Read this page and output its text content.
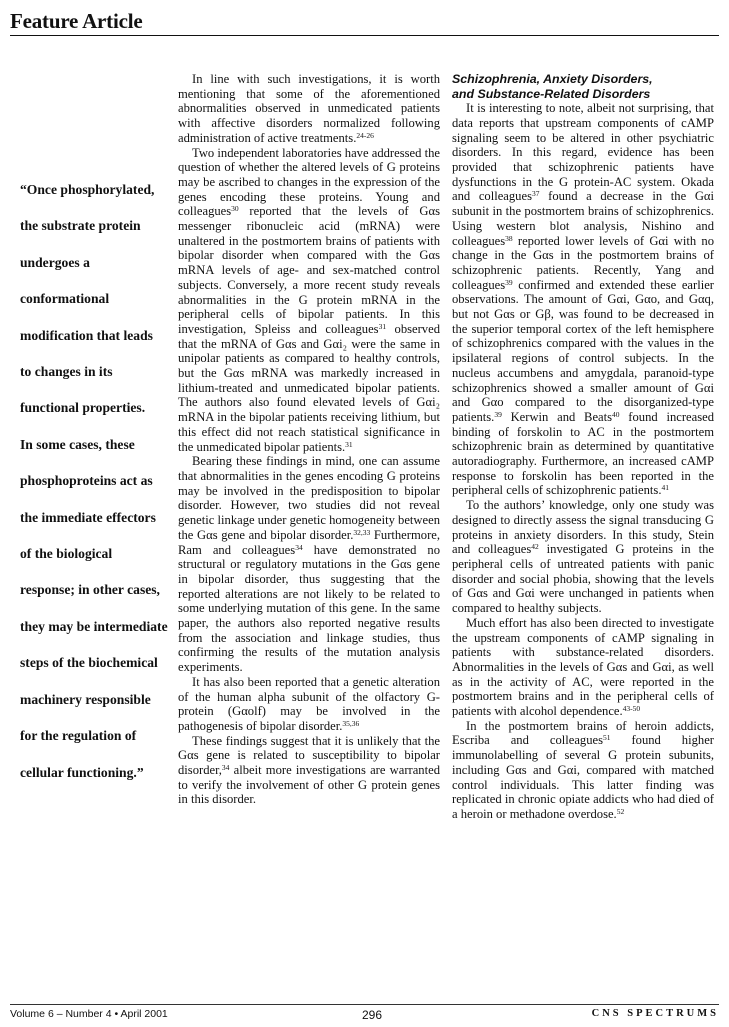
Feature Article
“Once phosphorylated,
the substrate protein
undergoes a
conformational
modification that leads
to changes in its
functional properties.
In some cases, these
phosphoproteins act as
the immediate effectors
of the biological
response; in other cases,
they may be intermediate
steps of the biochemical
machinery responsible
for the regulation of
cellular functioning.”

In line with such investigations, it is worth mentioning that some of the aforementioned abnormalities observed in unmedicated patients with affective disorders normalized following administration of active treatments.$^{24-26}$

Two independent laboratories have addressed the question of whether the altered levels of G proteins may be ascribed to changes in the expression of the genes encoding these proteins. Young and colleagues$^{30}$ reported that the levels of Gαs messenger ribonucleic acid (mRNA) were unaltered in the postmortem brains of patients with bipolar disorder when compared with the Gαs mRNA levels of age- and sex-matched control subjects. Conversely, a more recent study reveals abnormalities in the G protein mRNA in the peripheral cells of bipolar patients. In this investigation, Spleiss and colleagues$^{31}$ observed that the mRNA of Gαs and Gαi₂ were the same in unipolar patients as compared to healthy controls, but the Gαs mRNA was markedly increased in lithium-treated and unmedicated bipolar patients. The authors also found elevated levels of Gαi₂ mRNA in the bipolar patients receiving lithium, but this effect did not reach statistical significance in the unmedicated bipolar patients.$^{31}$

Bearing these findings in mind, one can assume that abnormalities in the genes encoding G proteins may be involved in the predisposition to bipolar disorder. However, two studies did not reveal genetic linkage under genetic homogeneity between the Gαs gene and bipolar disorder.$^{32,33}$ Furthermore, Ram and colleagues$^{34}$ have demonstrated no structural or regulatory mutations in the Gαs gene in bipolar disorder, thus suggesting that the reported alterations are not likely to be related to some underlying mutation of this gene. In the same paper, the authors also reported negative results from the association and linkage studies, thus confirming the results of the mutation analysis experiments.

It has also been reported that a genetic alteration of the human alpha subunit of the olfactory G-protein (Gαolf) may be involved in the pathogenesis of bipolar disorder.$^{35,36}$

These findings suggest that it is unlikely that the Gαs gene is related to susceptibility to bipolar disorder,$^{34}$ albeit more investigations are warranted to verify the involvement of other G protein genes in this disorder.

Schizophrenia, Anxiety Disorders,
and Substance-Related Disorders

It is interesting to note, albeit not surprising, that data reports that upstream components of cAMP signaling seem to be altered in other psychiatric disorders. In this regard, evidence has been provided that schizophrenic patients have dysfunctions in the G protein-AC system. Okada and colleagues$^{37}$ found a decrease in the Gαi subunit in the postmortem brains of schizophrenics. Using western blot analysis, Nishino and colleagues$^{38}$ reported lower levels of Gαi with no change in the Gαs in the postmortem brains of schizophrenic patients. Recently, Yang and colleagues$^{39}$ confirmed and extended these earlier observations. The amount of Gαi, Gαo, and Gαq, but not Gαs or Gβ, was found to be decreased in the superior temporal cortex of the left hemisphere of schizophrenics compared with the values in the ipsilateral regions of control subjects. In the nucleus accumbens and amygdala, paranoid-type schizophrenics showed a smaller amount of Gαi and Gαo compared to the disorganized-type patients.$^{39}$ Kerwin and Beats$^{40}$ found increased binding of forskolin to AC in the postmortem schizophrenic brain as determined by quantitative autoradiography. Furthermore, an increased cAMP response to forskolin has been reported in the peripheral cells of schizophrenic patients.$^{41}$

To the authors’ knowledge, only one study was designed to directly assess the signal transducing G proteins in anxiety disorders. In this study, Stein and colleagues$^{42}$ investigated G proteins in the peripheral cells of untreated patients with panic disorder and social phobia, showing that the levels of Gαs and Gαi were unchanged in patients when compared to healthy subjects.

Much effort has also been directed to investigate the upstream components of cAMP signaling in patients with substance-related disorders. Abnormalities in the levels of Gαs and Gαi, as well as in the activity of AC, were reported in the postmortem brains and in the peripheral cells of patients with alcohol dependence.$^{43-50}$

In the postmortem brains of heroin addicts, Escriba and colleagues$^{51}$ found higher immunolabelling of several G protein subunits, including Gαs and Gαi, compared with matched control individuals. This latter finding was replicated in chronic opiate addicts who had died of a heroin or methadone overdose.$^{52}$

Volume 6 – Number 4 • April 2001	296	CNS SPECTRUMS
